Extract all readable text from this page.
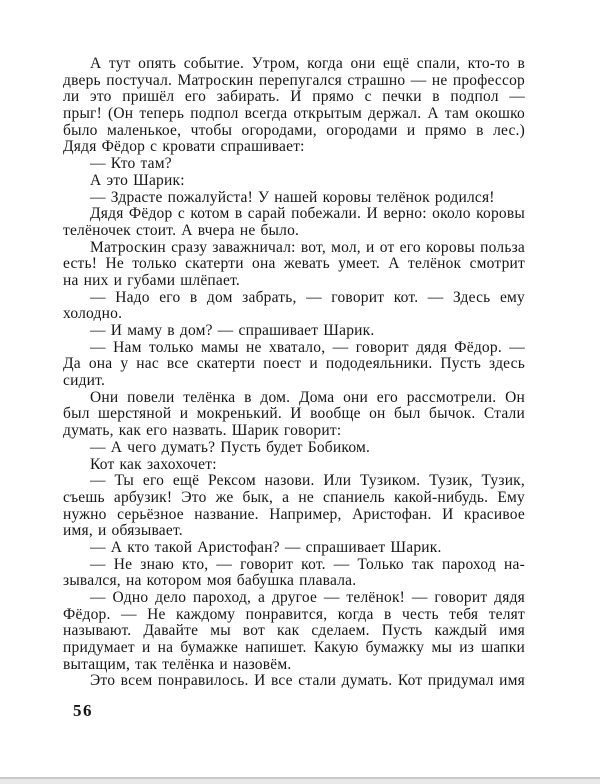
А тут опять событие. Утром, когда они ещё спали, кто-то в
дверь постучал. Матроскин перепугался страшно — не профессор
ли это пришёл его забирать. И прямо с печки в подпол —
прыг! (Он теперь подпол всегда открытым держал. А там окошко
было маленькое, чтобы огородами, огородами и прямо в лес.)
Дядя Фёдор с кровати спрашивает:
— Кто там?
А это Шарик:
— Здрасте пожалуйста! У нашей коровы телёнок родился!
Дядя Фёдор с котом в сарай побежали. И верно: около коровы
телёночек стоит. А вчера не было.
Матроскин сразу заважничал: вот, мол, и от его коровы польза
есть! Не только скатерти она жевать умеет. А телёнок смотрит
на них и губами шлёпает.
— Надо его в дом забрать, — говорит кот. — Здесь ему
холодно.
— И маму в дом? — спрашивает Шарик.
— Нам только мамы не хватало, — говорит дядя Фёдор. —
Да она у нас все скатерти поест и пододеяльники. Пусть здесь
сидит.
Они повели телёнка в дом. Дома они его рассмотрели. Он
был шерстяной и мокренький. И вообще он был бычок. Стали
думать, как его назвать. Шарик говорит:
— А чего думать? Пусть будет Бобиком.
Кот как захохочет:
— Ты его ещё Рексом назови. Или Тузиком. Тузик, Тузик,
съешь арбузик! Это же бык, а не спаниель какой-нибудь. Ему
нужно серьёзное название. Например, Аристофан. И красивое
имя, и обязывает.
— А кто такой Аристофан? — спрашивает Шарик.
— Не знаю кто, — говорит кот. — Только так пароход на-
зывался, на котором моя бабушка плавала.
— Одно дело пароход, а другое — телёнок! — говорит дядя
Фёдор. — Не каждому понравится, когда в честь тебя телят
называют. Давайте мы вот как сделаем. Пусть каждый имя
придумает и на бумажке напишет. Какую бумажку мы из шапки
вытащим, так телёнка и назовём.
Это всем понравилось. И все стали думать. Кот придумал имя
56
